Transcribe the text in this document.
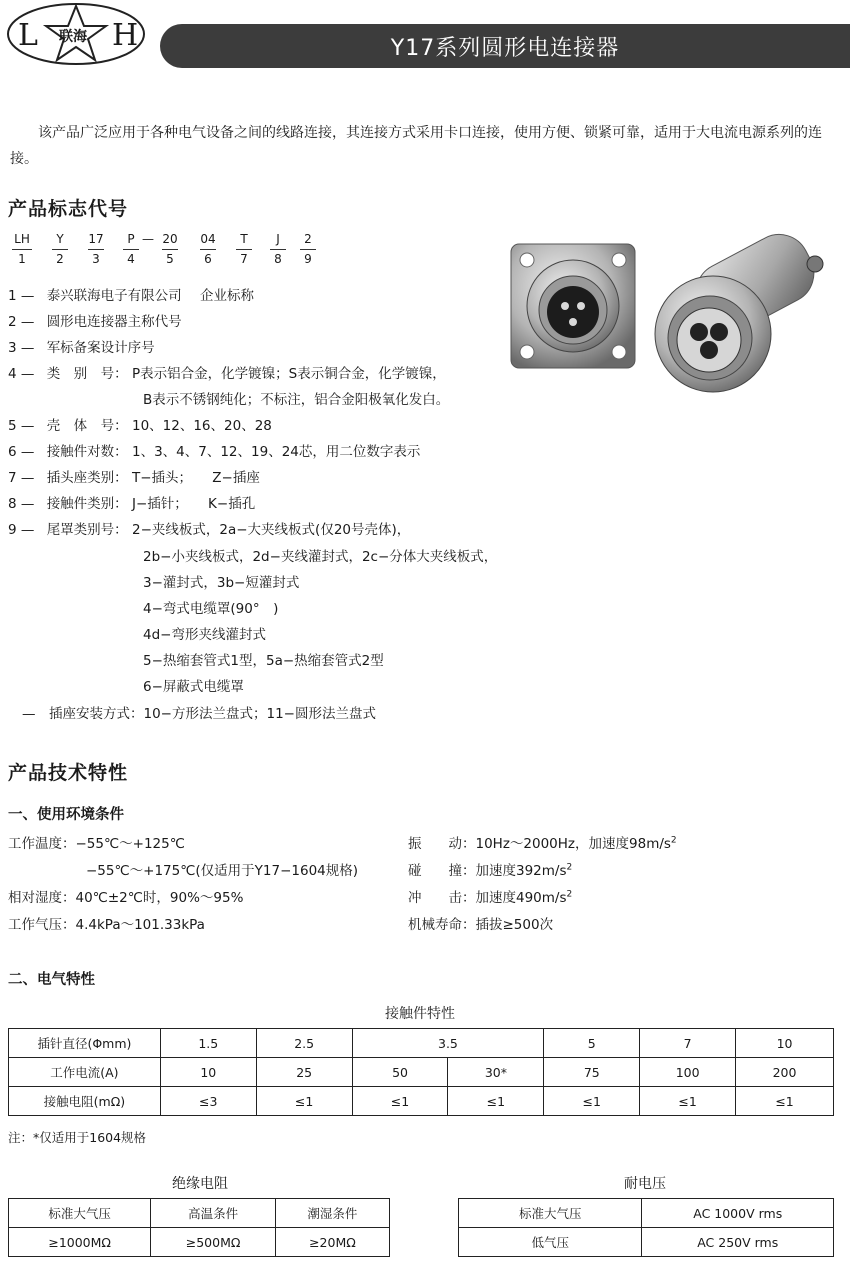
L H
联海	Y17系列圆形电连接器
该产品广泛应用于各种电气设备之间的线路连接，其连接方式采用卡口连接，使用方便、锁紧可靠，适用于大电流电源系列的连接。
产品标志代号
LH	Y	17	P — 20	04	T	J	2
1	2	3	4	5	6	7	8	9
1 — 泰兴联海电子有限公司 企业标称
2 — 圆形电连接器主称代号
3 — 军标备案设计序号
4 — 类　别　号： P表示铝合金，化学镀镍；S表示铜合金，化学镀镍，
B表示不锈钢纯化；不标注，铝合金阳极氧化发白。
5 — 壳　体　号： 10、12、16、20、28
6 — 接触件对数： 1、3、4、7、12、19、24芯，用二位数字表示
7 — 插头座类别： T−插头；　　Z−插座
8 — 接触件类别： J−插针；　　K−插孔
9 — 尾罩类别号： 2−夹线板式，2a−大夹线板式(仅20号壳体)，
2b−小夹线板式，2d−夹线灌封式，2c−分体大夹线板式，
3−灌封式，3b−短灌封式
4−弯式电缆罩(90°　)
4d−弯形夹线灌封式
5−热缩套管式1型，5a−热缩套管式2型
6−屏蔽式电缆罩
—　插座安装方式：10−方形法兰盘式；11−圆形法兰盘式
产品技术特性
一、使用环境条件
工作温度：−55℃～+125℃
−55℃～+175℃(仅适用于Y17−1604规格)
相对湿度：40℃±2℃时，90%～95%
工作气压：4.4kPa～101.33kPa
振　　动：10Hz～2000Hz，加速度$98m/s^2$
碰　　撞：加速度$392m/s^2$
冲　　击：加速度$490m/s^2$
机械寿命：插拔≥500次
二、电气特性
接触件特性
插针直径(Φmm)	1.5	2.5	3.5		5	7	10
工作电流(A)	10	25	50	30*	75	100	200
接触电阻(mΩ)	≤3	≤1	≤1	≤1	≤1	≤1	≤1
注：*仅适用于1604规格
绝缘电阻
标准大气压	高温条件	潮湿条件
≥1000MΩ	≥500MΩ	≥20MΩ
耐电压
标准大气压	AC 1000V rms
低气压	AC 250V rms
